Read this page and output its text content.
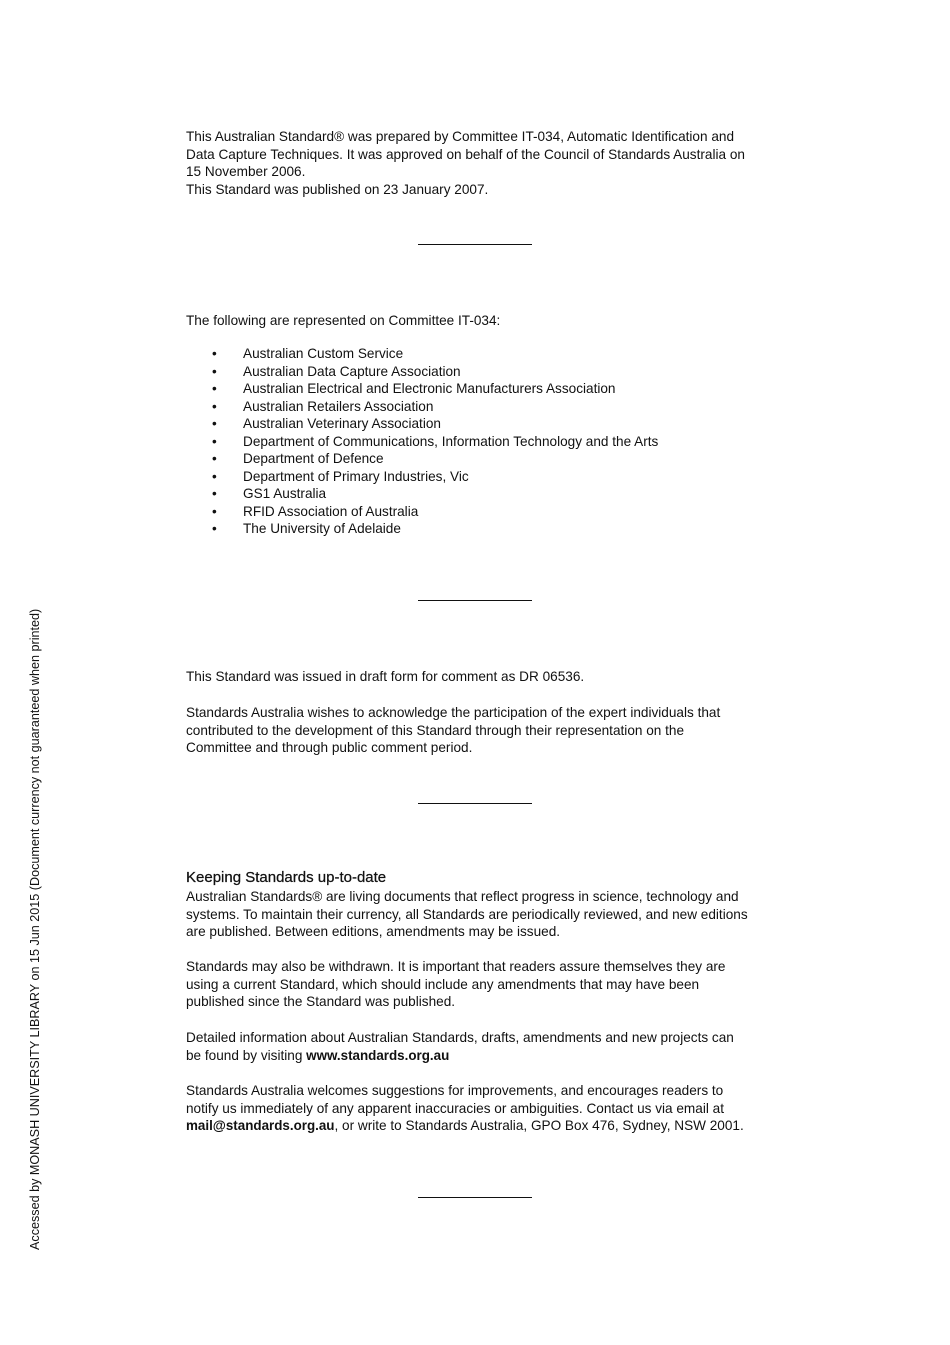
This Australian Standard® was prepared by Committee IT-034, Automatic Identification and
Data Capture Techniques. It was approved on behalf of the Council of Standards Australia on
15 November 2006.
This Standard was published on 23 January 2007.

The following are represented on Committee IT-034:

• Australian Custom Service
• Australian Data Capture Association
• Australian Electrical and Electronic Manufacturers Association
• Australian Retailers Association
• Australian Veterinary Association
• Department of Communications, Information Technology and the Arts
• Department of Defence
• Department of Primary Industries, Vic
• GS1 Australia
• RFID Association of Australia
• The University of Adelaide

This Standard was issued in draft form for comment as DR 06536.

Standards Australia wishes to acknowledge the participation of the expert individuals that
contributed to the development of this Standard through their representation on the
Committee and through public comment period.

Keeping Standards up-to-date

Australian Standards® are living documents that reflect progress in science, technology and
systems. To maintain their currency, all Standards are periodically reviewed, and new editions
are published. Between editions, amendments may be issued.

Standards may also be withdrawn. It is important that readers assure themselves they are
using a current Standard, which should include any amendments that may have been
published since the Standard was published.

Detailed information about Australian Standards, drafts, amendments and new projects can
be found by visiting www.standards.org.au

Standards Australia welcomes suggestions for improvements, and encourages readers to
notify us immediately of any apparent inaccuracies or ambiguities. Contact us via email at
mail@standards.org.au, or write to Standards Australia, GPO Box 476, Sydney, NSW 2001.

Accessed by MONASH UNIVERSITY LIBRARY on 15 Jun 2015 (Document currency not guaranteed when printed)
